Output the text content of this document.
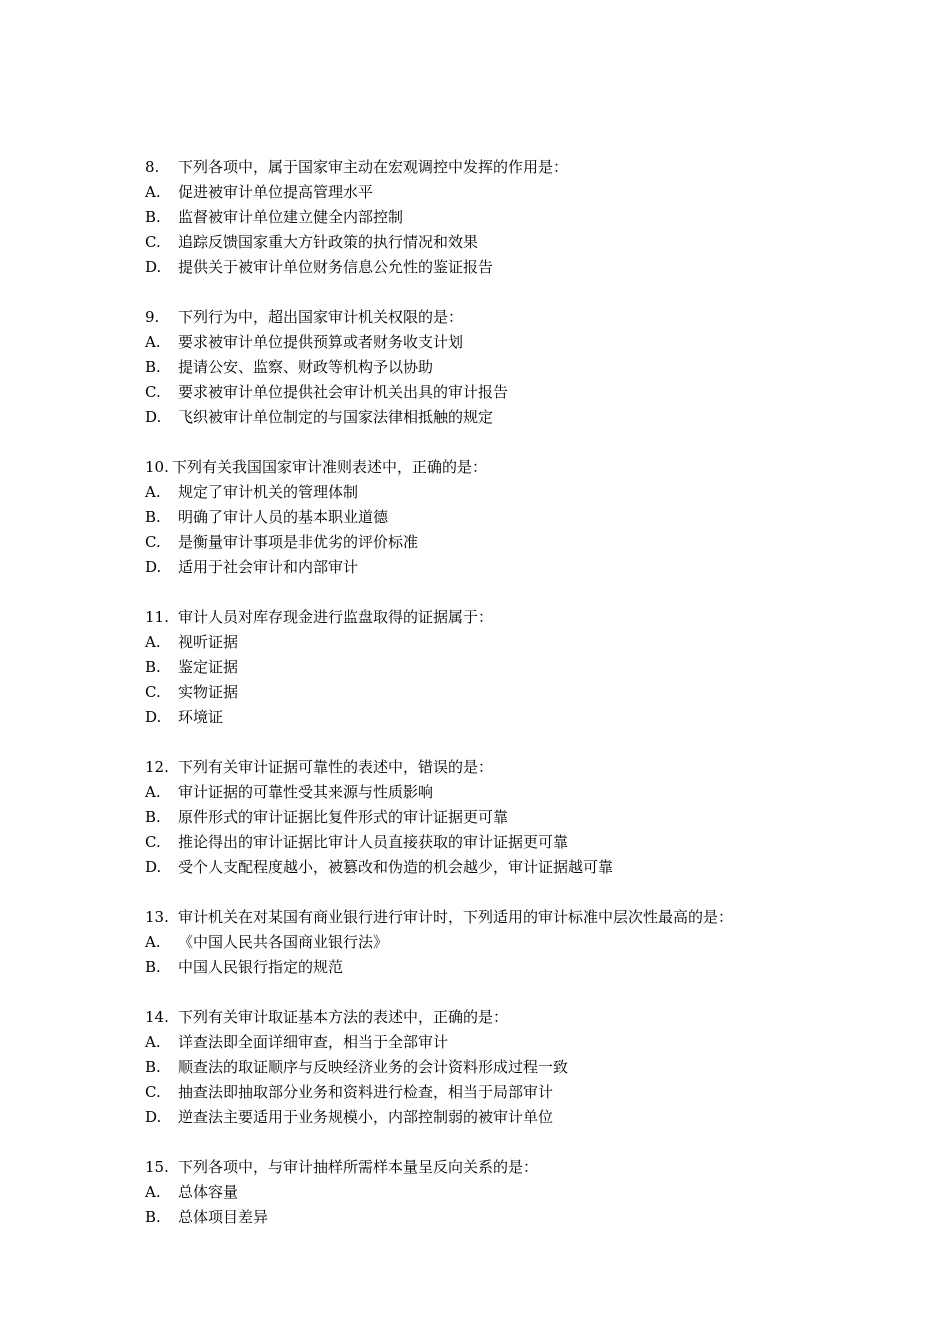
8.	下列各项中，属于国家审主动在宏观调控中发挥的作用是：
A.	促进被审计单位提高管理水平
B.	监督被审计单位建立健全内部控制
C.	追踪反馈国家重大方针政策的执行情况和效果
D.	提供关于被审计单位财务信息公允性的鉴证报告
9.	下列行为中，超出国家审计机关权限的是：
A.	要求被审计单位提供预算或者财务收支计划
B.	提请公安、监察、财政等机构予以协助
C.	要求被审计单位提供社会审计机关出具的审计报告
D.	飞织被审计单位制定的与国家法律相抵触的规定
10. 下列有关我国国家审计准则表述中，正确的是：
A.	规定了审计机关的管理体制
B.	明确了审计人员的基本职业道德
C.	是衡量审计事项是非优劣的评价标准
D.	适用于社会审计和内部审计
11. 审计人员对库存现金进行监盘取得的证据属于：
A.	视听证据
B.	鉴定证据
C.	实物证据
D.	环境证
12. 下列有关审计证据可靠性的表述中，错误的是：
A.	审计证据的可靠性受其来源与性质影响
B.	原件形式的审计证据比复件形式的审计证据更可靠
C.	推论得出的审计证据比审计人员直接获取的审计证据更可靠
D.	受个人支配程度越小，被篡改和伪造的机会越少，审计证据越可靠
13. 审计机关在对某国有商业银行进行审计时，下列适用的审计标准中层次性最高的是：
A.	《中国人民共各国商业银行法》
B.	中国人民银行指定的规范
14. 下列有关审计取证基本方法的表述中，正确的是：
A.	详查法即全面详细审查，相当于全部审计
B.	顺查法的取证顺序与反映经济业务的会计资料形成过程一致
C.	抽查法即抽取部分业务和资料进行检查，相当于局部审计
D.	逆查法主要适用于业务规模小，内部控制弱的被审计单位
15. 下列各项中，与审计抽样所需样本量呈反向关系的是：
A.	总体容量
B.	总体项目差异
